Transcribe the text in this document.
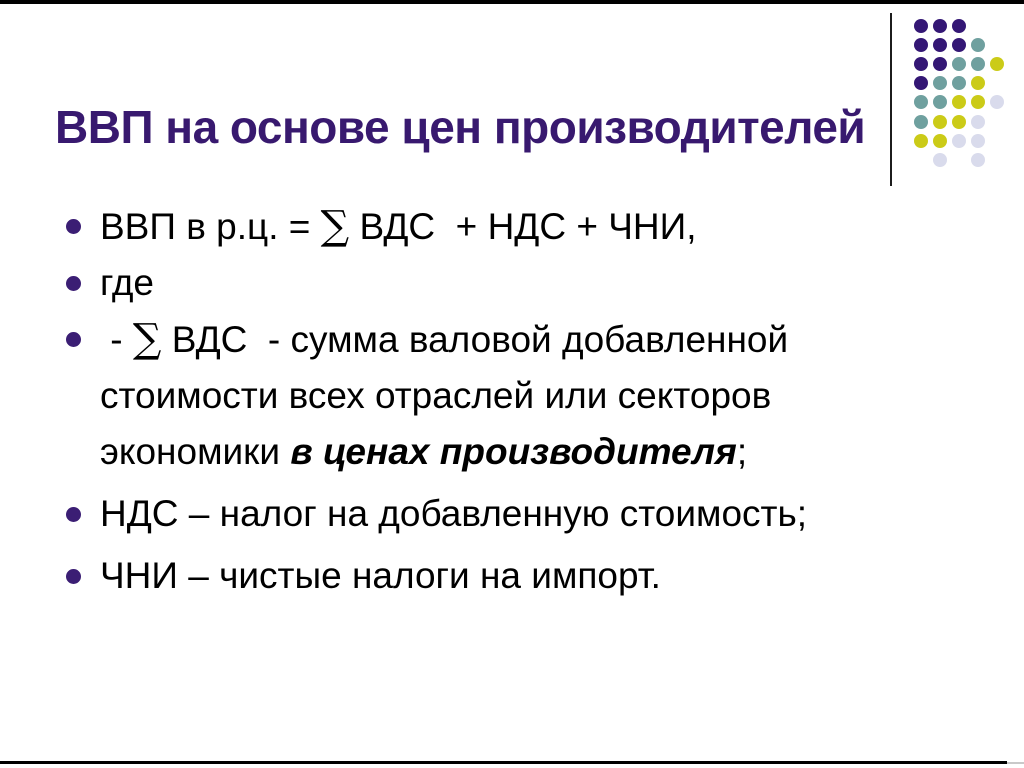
ВВП на основе цен производителей
ВВП в р.ц. = ∑ ВДС  + НДС + ЧНИ,
где
- ∑ ВДС  - сумма валовой добавленной
стоимости всех отраслей или секторов
экономики в ценах производителя;
НДС – налог на добавленную стоимость;
ЧНИ – чистые налоги на импорт.
